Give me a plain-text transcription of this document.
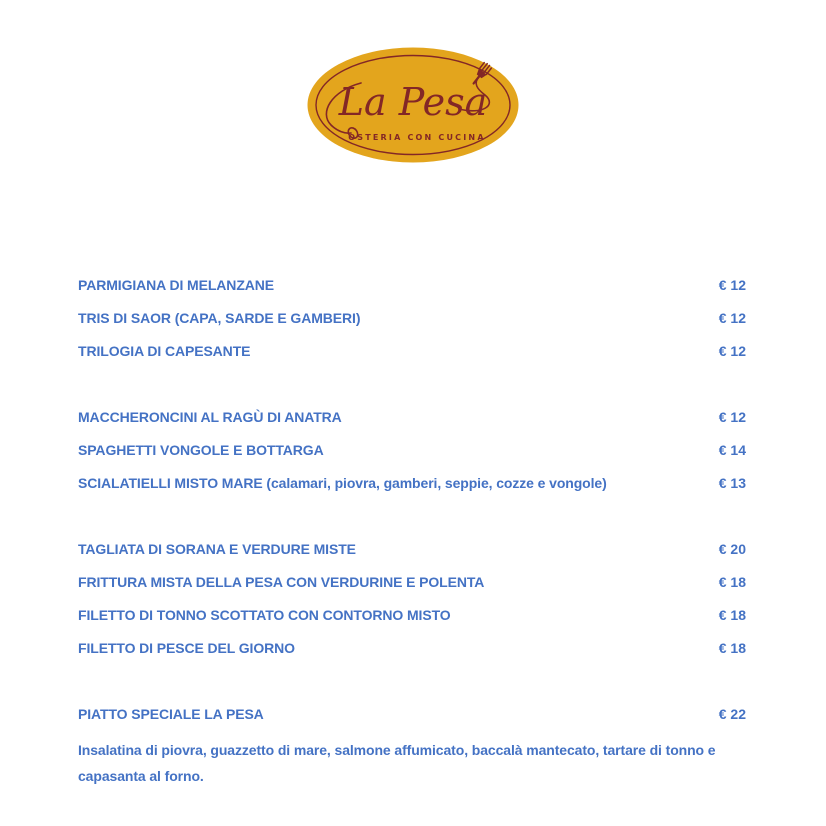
La Pesa
OSTERIA CON CUCINA
PARMIGIANA DI MELANZANE	€ 12
TRIS DI SAOR (CAPA, SARDE E GAMBERI)	€ 12
TRILOGIA DI CAPESANTE	€ 12
MACCHERONCINI AL RAGÙ DI ANATRA	€ 12
SPAGHETTI VONGOLE E BOTTARGA	€ 14
SCIALATIELLI MISTO MARE (calamari, piovra, gamberi, seppie, cozze e vongole)	€ 13
TAGLIATA DI SORANA E VERDURE MISTE	€ 20
FRITTURA MISTA DELLA PESA CON VERDURINE E POLENTA	€ 18
FILETTO DI TONNO SCOTTATO CON CONTORNO MISTO	€ 18
FILETTO DI PESCE DEL GIORNO	€ 18
PIATTO SPECIALE LA PESA	€ 22

Insalatina di piovra, guazzetto di mare, salmone affumicato, baccalà mantecato, tartare di tonno e capasanta al forno.
